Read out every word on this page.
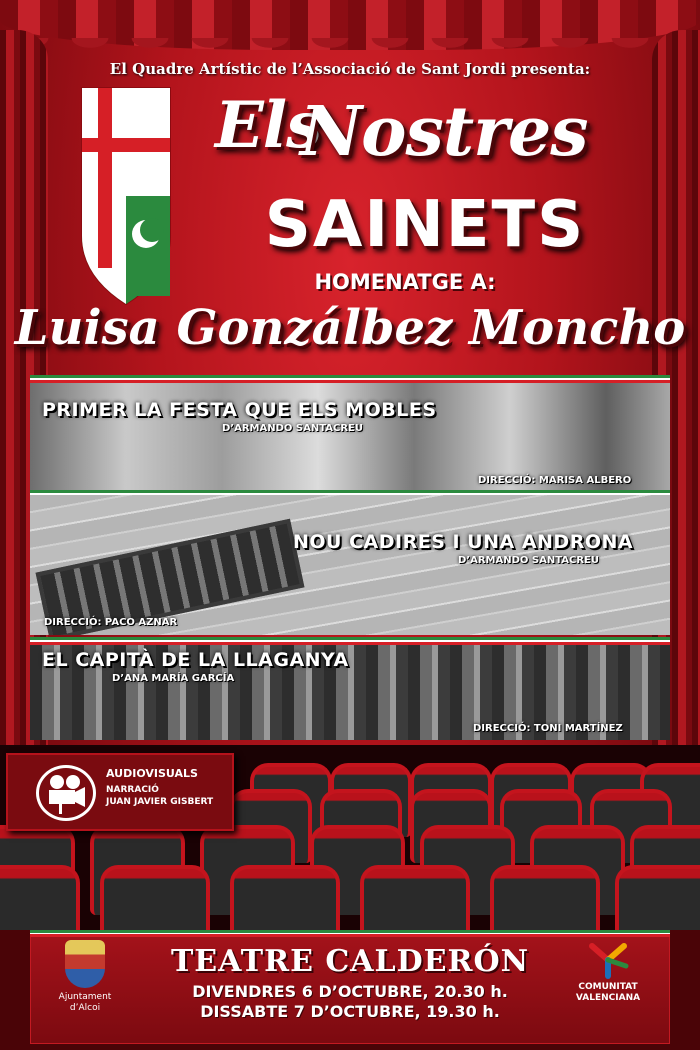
El Quadre Artístic de l’Associació de Sant Jordi presenta:
Els
Nostres
SAINETS
HOMENATGE A:
Luisa Gonzálbez Moncho
PRIMER LA FESTA QUE ELS MOBLES
D’ARMANDO SANTACREU
DIRECCIÓ: MARISA ALBERO
NOU CADIRES I UNA ANDRONA
D’ARMANDO SANTACREU
DIRECCIÓ: PACO AZNAR
EL CAPITÀ DE LA LLAGANYA
D’ANA MARÍA GARCÍA
DIRECCIÓ: TONI MARTÍNEZ
AUDIOVISUALS
NARRACIÓ
JUAN JAVIER GISBERT
TEATRE CALDERÓN
DIVENDRES 6 D’OCTUBRE, 20.30 h.
DISSABTE 7 D’OCTUBRE, 19.30 h.
Ajuntament
d’Alcoi
COMUNITAT
VALENCIANA
